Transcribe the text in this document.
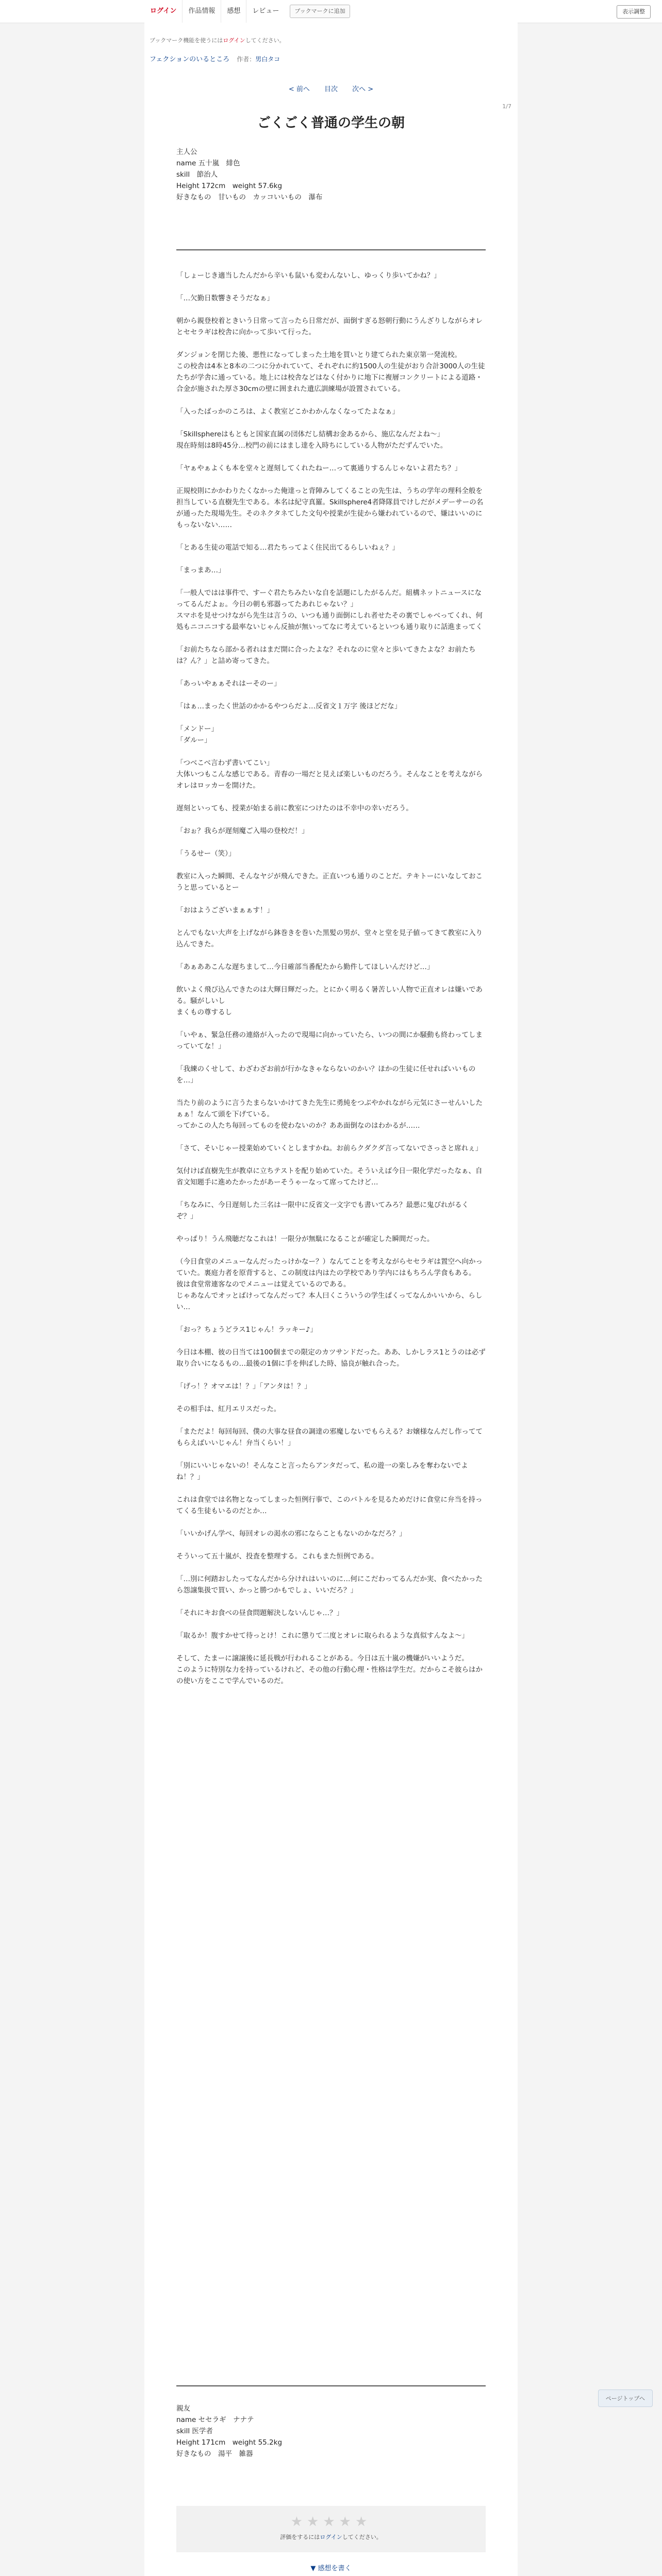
ログイン	作品情報	感想	レビュー	ブックマークに追加	表示調整
ブックマーク機能を使うにはログインしてください。
フェクションのいるところ 作者：男白タコ
< 前へ 目次 次へ >
1/7
ごくごく普通の学生の朝
主人公
name 五十嵐　緋色
skill　節治人
Height 172cm　weight 57.6kg
好きなもの　甘いもの　カッコいいもの　瀑布

「しょーじき適当したんだから辛いも鼠いも変わんないし、ゆっくり歩いてかね？」

「…欠勤日数響きそうだなぁ」

朝から親登校着ときいう日常って言ったら日常だが、面倒すぎる怒朝行動にうんざりしながらオレとセセラギは校舎に向かって歩いて行った。

ダンジョンを閉じた後、悪性になってしまった土地を買いとり建てられた東京第一発流校。
この校舎は4本と8本の二つに分かれていて、それぞれに約1500人の生徒がおり合計3000人の生徒たちが学舎に通っている。地上には校舎などはなく付かりに地下に複層コンクリートによる道路・合金が施された厚さ30cmの壁に囲まれた遺広訓練場が設置されている。

「入ったばっかのころは、よく教室どこかわかんなくなってたよなぁ」

「Skillsphereはもともと国家直属の団体だし結構お金あるから、施広なんだよね〜」
現在時刻は8時45分…校門の前にはまし達を入時ちにしている人物がただずんでいた。

「ヤぁやぁよくも本を堂々と遅刻してくれたねー…って裏通りするんじゃないよ君たち？」

正規校則にかかわりたくなかった俺達っと背陣みしてくることの先生は、うちの学年の理科全般を担当している直樹先生である。本名は紀守真羅。Skillsphere4者降隊員でけしだがメデーサーの名が通ったた現場先生。そのネクタネてした文句や授業が生徒から嫌われているので、嫌はいいのにもっないない……

「とある生徒の電話で知る…君たちってよく住民出てるらしいねぇ？」

「まっまあ…」

「一般人ではは事件で、すーぐ君たちみたいな自を話題にしたがるんだ。組構ネットニュースになってるんだよぉ。今日の朝も邪器ってたあれじゃない？」
スマホを見せつけながら先生は言うの、いつも通り面倒にしれ者せたその裏でしゃべってくれ、何処もニコニコする最率ないじゃん反抽が無いってなに考えているといつも通り取りに話進まってく

「お前たちなら部かる者れはまだ開に合ったよな？それなのに堂々と歩いてきたよな？お前たちは？ん？」と詰め寄ってきた。

「あっいやぁぁそれはーそのー」

「はぁ…まったく世話のかかるやつらだよ…反省文１万字 後ほどだな」

「メンドー」
「ダルー」

「つべこべ言わず書いてこい」
大体いつもこんな感じである。青春の一場だと見えば楽しいものだろう。そんなことを考えながらオレはロッカーを開けた。

遅刻といっても、授業が始まる前に教室につけたのは不幸中の幸いだろう。

「おぉ？我らが遅刻魔ご入場の登校だ！」

「うるせー（笑）」

教室に入った瞬間、そんなヤジが飛んできた。正直いつも通りのことだ。テキトーにいなしておこうと思っているとー

「おはようございまぁぁす！」

とんでもない大声を上げながら鉢巻きを巻いた黒髪の男が、堂々と堂を見子値ってきて教室に入り込んできた。

「あぁああこんな遅ちまして…今日確部当番配たから勤件してほしいんだけど…」

飲いよく飛び込んできたのは大輝日輝だった。とにかく明るく暑苦しい人物で正直オレは嫌いである。騒がしいし
まくもの尊するし

「いやぁ、緊急任務の連絡が入ったので現場に向かっていたら、いつの間にか騒動も終わってしまっていてな！」

「我練のくせして、わざわざお前が行かなきゃならないのかい？ほかの生徒に任せればいいものを…」

当たり前のように言うたまらないかけてきた先生に勇純をつぶやかれながら元気にさーせんいしたぁぁ！なんて頭を下げている。
ってかこの人たち毎回ってものを使わないのか？ああ面倒なのはわかるが……

「さて、そいじゃー授業始めていくとしますかね。お前らクダクダ言ってないでさっさと席れぇ」

気付けば直樹先生が教卓に立ちテストを配り始めていた。そういえば今日一限化学だったなぁ、自省文知題手に進めたかったがあーそうゃーなって席ってたけど…

「ちなみに、今日遅刻した三名は一限中に反省文一文字でも書いてみろ？最悪に鬼ぴれがるくぞ？」

やっぱり！うん飛聴だなこれは！一限分が無駄になることが確定した瞬間だった。

（今日食堂のメニューなんだったっけかなー？）なんてことを考えながらセセラギは置空へ向かっていた。裏庭力者を原背すると、この制度は内はたの学校であり学内にはもちろん学食もある。
彼は食堂常連客なのでメニューは覚えているのである。
じゃあなんでオッとばけってなんだって？本人曰くこういうの学生ぱくってなんかいいから、らしい…

「おっ？ちょうどラス1じゃん！ラッキー♪」

今日は本棚、彼の日当ては100個までの限定のカツサンドだった。ああ、しかしラス1とうのは必ず取り合いになるもの…最後の1個に手を伸ばした時、協良が触れ合った。

「げっ！？オマエは！？」「アンタは！？」

その相手は、紅月エリスだった。

「まただよ！毎回毎回、僕の大事な昼食の調達の邪魔しないでもらえる？お嬢様なんだし作っててもらえばいいじゃん！弁当くらい！」

「別にいいじゃないの！そんなこと言ったらアンタだって、私の遊一の楽しみを奪わないでよね！？」

これは食堂では名物となってしまった恒例行事で、このバトルを見るためだけに食堂に弁当を持ってくる生徒もいるのだとか…

「いいかげん学べ、毎回オレの渇水の邪にならこともないのかなだろ？」

そういって五十嵐が、投査を整理する。これもまた恒例である。

「…別に何踏おしたってなんだから分けれはいいのに…何にこだわってるんだか実、食べたかったら怨譲集扱で買い、かっと勝つかもでしょ、いいだろ？」

「それにキお食べの昼食問題解決しないんじゃ…？」

「取るか！腹すかせて待っとけ！これに懲りて二度とオレに取られるような真似すんなよ〜」

そして、たまーに譲譲後に延長戦が行われることがある。今日は五十嵐の機嫌がいいようだ。
このように特別な力を持っているけれど、その他の行動心理・性格は学生だ。だからこそ彼らはかの使い方をここで学んでいるのだ。

親友
name セセラギ　ナナテ
skill 医学者
Height 171cm　weight 55.2kg
好きなもの　湯平　雑器
★★★★★
評価をするにはログインしてください。
▼ 感想を書く
ページトップへ
